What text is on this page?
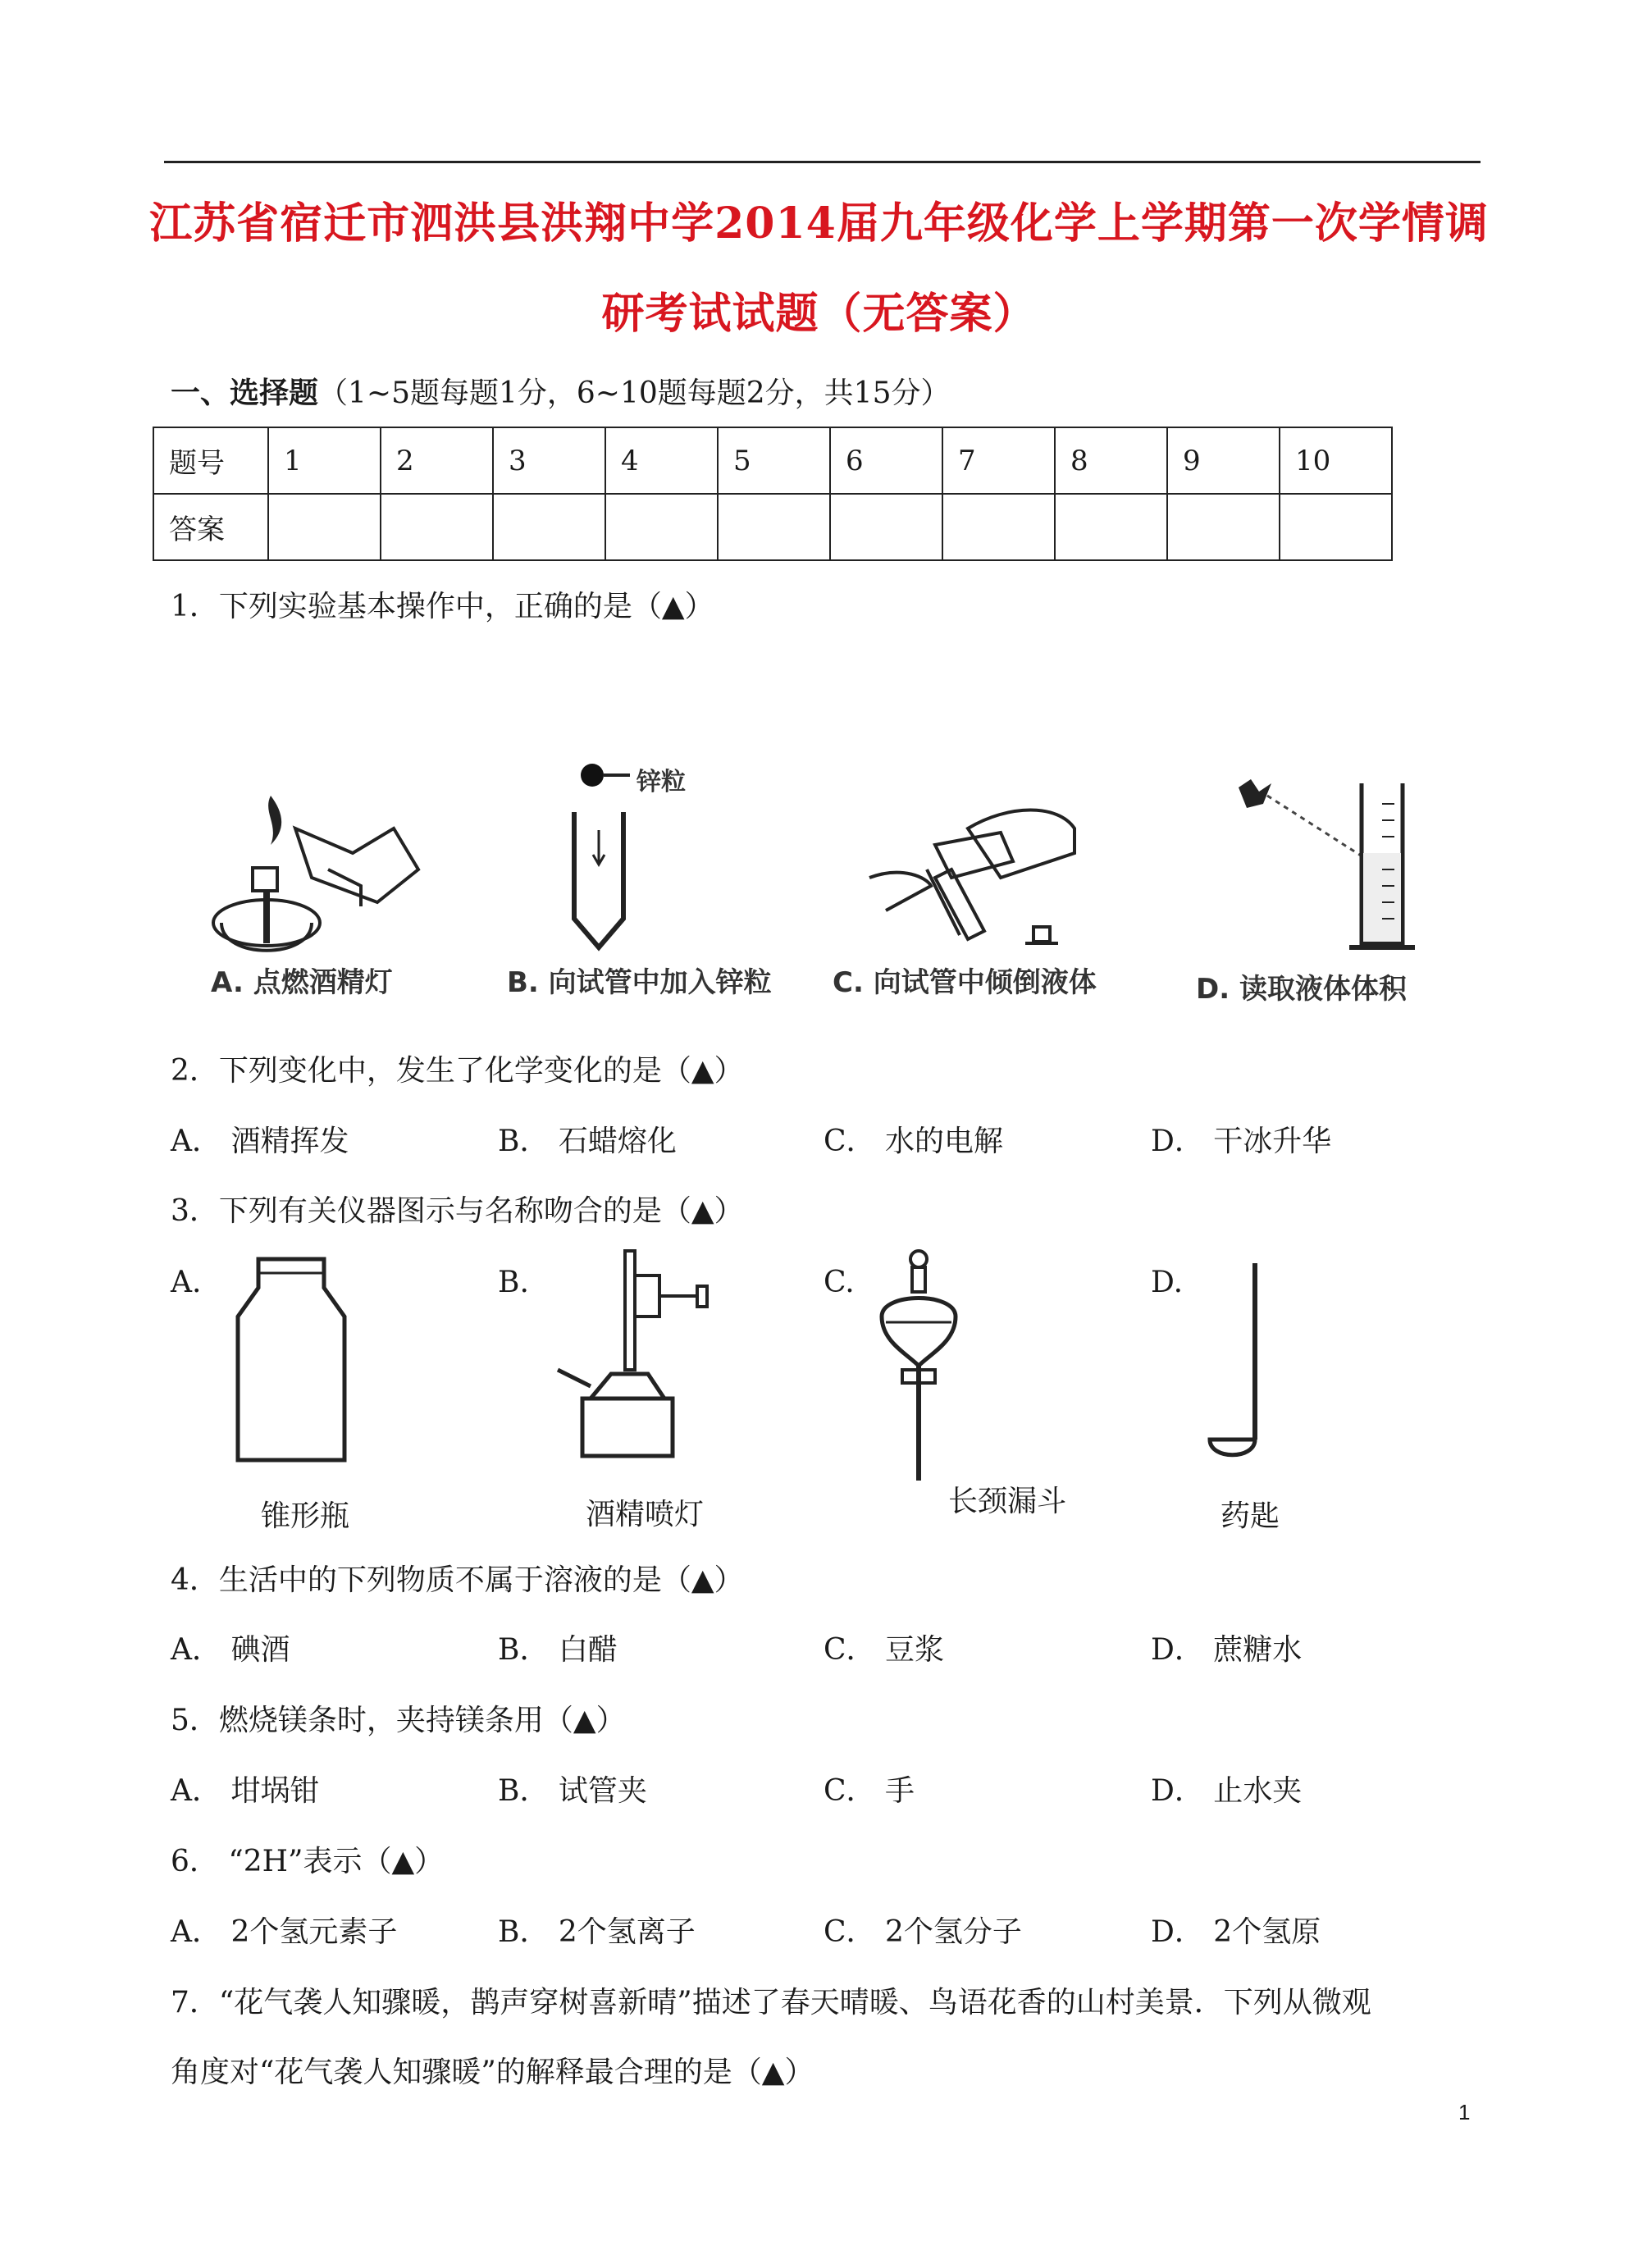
江苏省宿迁市泗洪县洪翔中学2014届九年级化学上学期第一次学情调
研考试试题（无答案）
一、选择题（1~5题每题1分，6~10题每题2分，共15分）
题号	1	2	3	4	5	6	7	8	9	10
答案										
1．下列实验基本操作中，正确的是（▲）
A. 点燃酒精灯
锌粒
B. 向试管中加入锌粒 C. 向试管中倾倒液体	D. 读取液体体积
2．下列变化中，发生了化学变化的是（▲）
A． 酒精挥发	B． 石蜡熔化	C． 水的电解	D． 干冰升华
3．下列有关仪器图示与名称吻合的是（▲）
A.	B.	C.	D.
锥形瓶	酒精喷灯	长颈漏斗	药匙
4．生活中的下列物质不属于溶液的是（▲）
A． 碘酒	B． 白醋	C． 豆浆	D． 蔗糖水
5．燃烧镁条时，夹持镁条用（▲）
A． 坩埚钳	B． 试管夹	C． 手	D． 止水夹
6． “2H”表示（▲）
A． 2个氢元素子	B． 2个氢离子	C． 2个氢分子	D． 2个氢原
7．“花气袭人知骤暖，鹊声穿树喜新晴”描述了春天晴暖、鸟语花香的山村美景．下列从微观
角度对“花气袭人知骤暖”的解释最合理的是（▲）
1
